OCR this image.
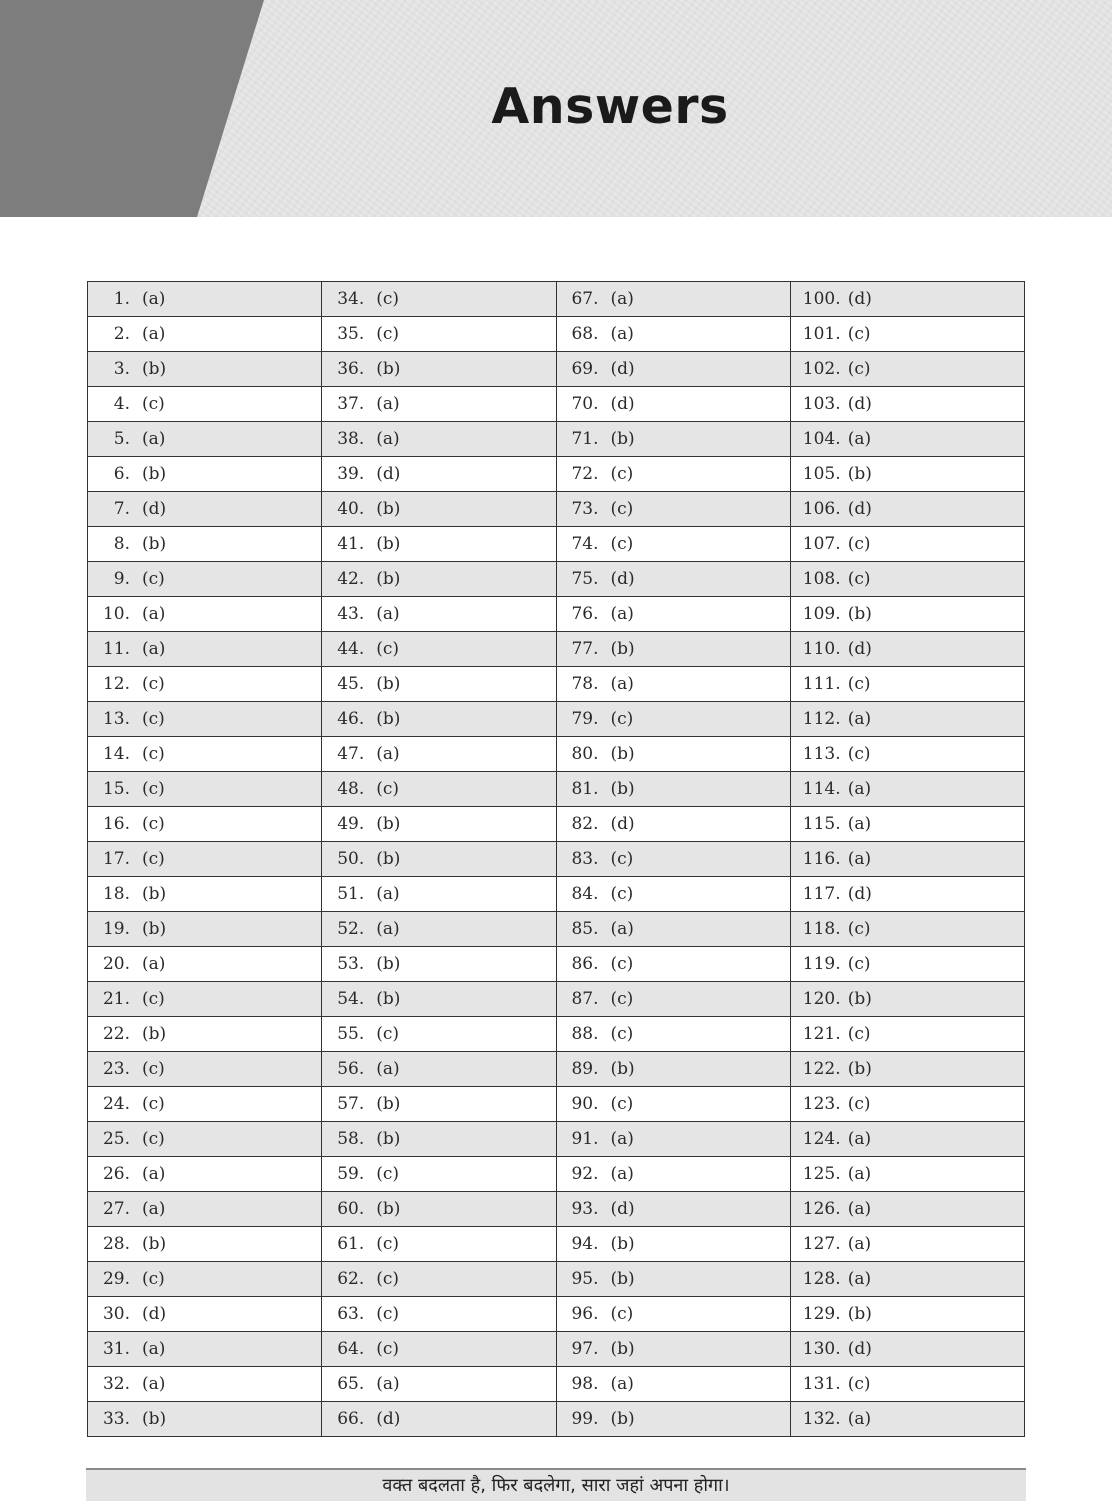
Answers
1. (a)	34. (c)	67. (a)	100. (d)
2. (a)	35. (c)	68. (a)	101. (c)
3. (b)	36. (b)	69. (d)	102. (c)
4. (c)	37. (a)	70. (d)	103. (d)
5. (a)	38. (a)	71. (b)	104. (a)
6. (b)	39. (d)	72. (c)	105. (b)
7. (d)	40. (b)	73. (c)	106. (d)
8. (b)	41. (b)	74. (c)	107. (c)
9. (c)	42. (b)	75. (d)	108. (c)
10. (a)	43. (a)	76. (a)	109. (b)
11. (a)	44. (c)	77. (b)	110. (d)
12. (c)	45. (b)	78. (a)	111. (c)
13. (c)	46. (b)	79. (c)	112. (a)
14. (c)	47. (a)	80. (b)	113. (c)
15. (c)	48. (c)	81. (b)	114. (a)
16. (c)	49. (b)	82. (d)	115. (a)
17. (c)	50. (b)	83. (c)	116. (a)
18. (b)	51. (a)	84. (c)	117. (d)
19. (b)	52. (a)	85. (a)	118. (c)
20. (a)	53. (b)	86. (c)	119. (c)
21. (c)	54. (b)	87. (c)	120. (b)
22. (b)	55. (c)	88. (c)	121. (c)
23. (c)	56. (a)	89. (b)	122. (b)
24. (c)	57. (b)	90. (c)	123. (c)
25. (c)	58. (b)	91. (a)	124. (a)
26. (a)	59. (c)	92. (a)	125. (a)
27. (a)	60. (b)	93. (d)	126. (a)
28. (b)	61. (c)	94. (b)	127. (a)
29. (c)	62. (c)	95. (b)	128. (a)
30. (d)	63. (c)	96. (c)	129. (b)
31. (a)	64. (c)	97. (b)	130. (d)
32. (a)	65. (a)	98. (a)	131. (c)
33. (b)	66. (d)	99. (b)	132. (a)
वक्त बदलता है, फिर बदलेगा, सारा जहां अपना होगा।
